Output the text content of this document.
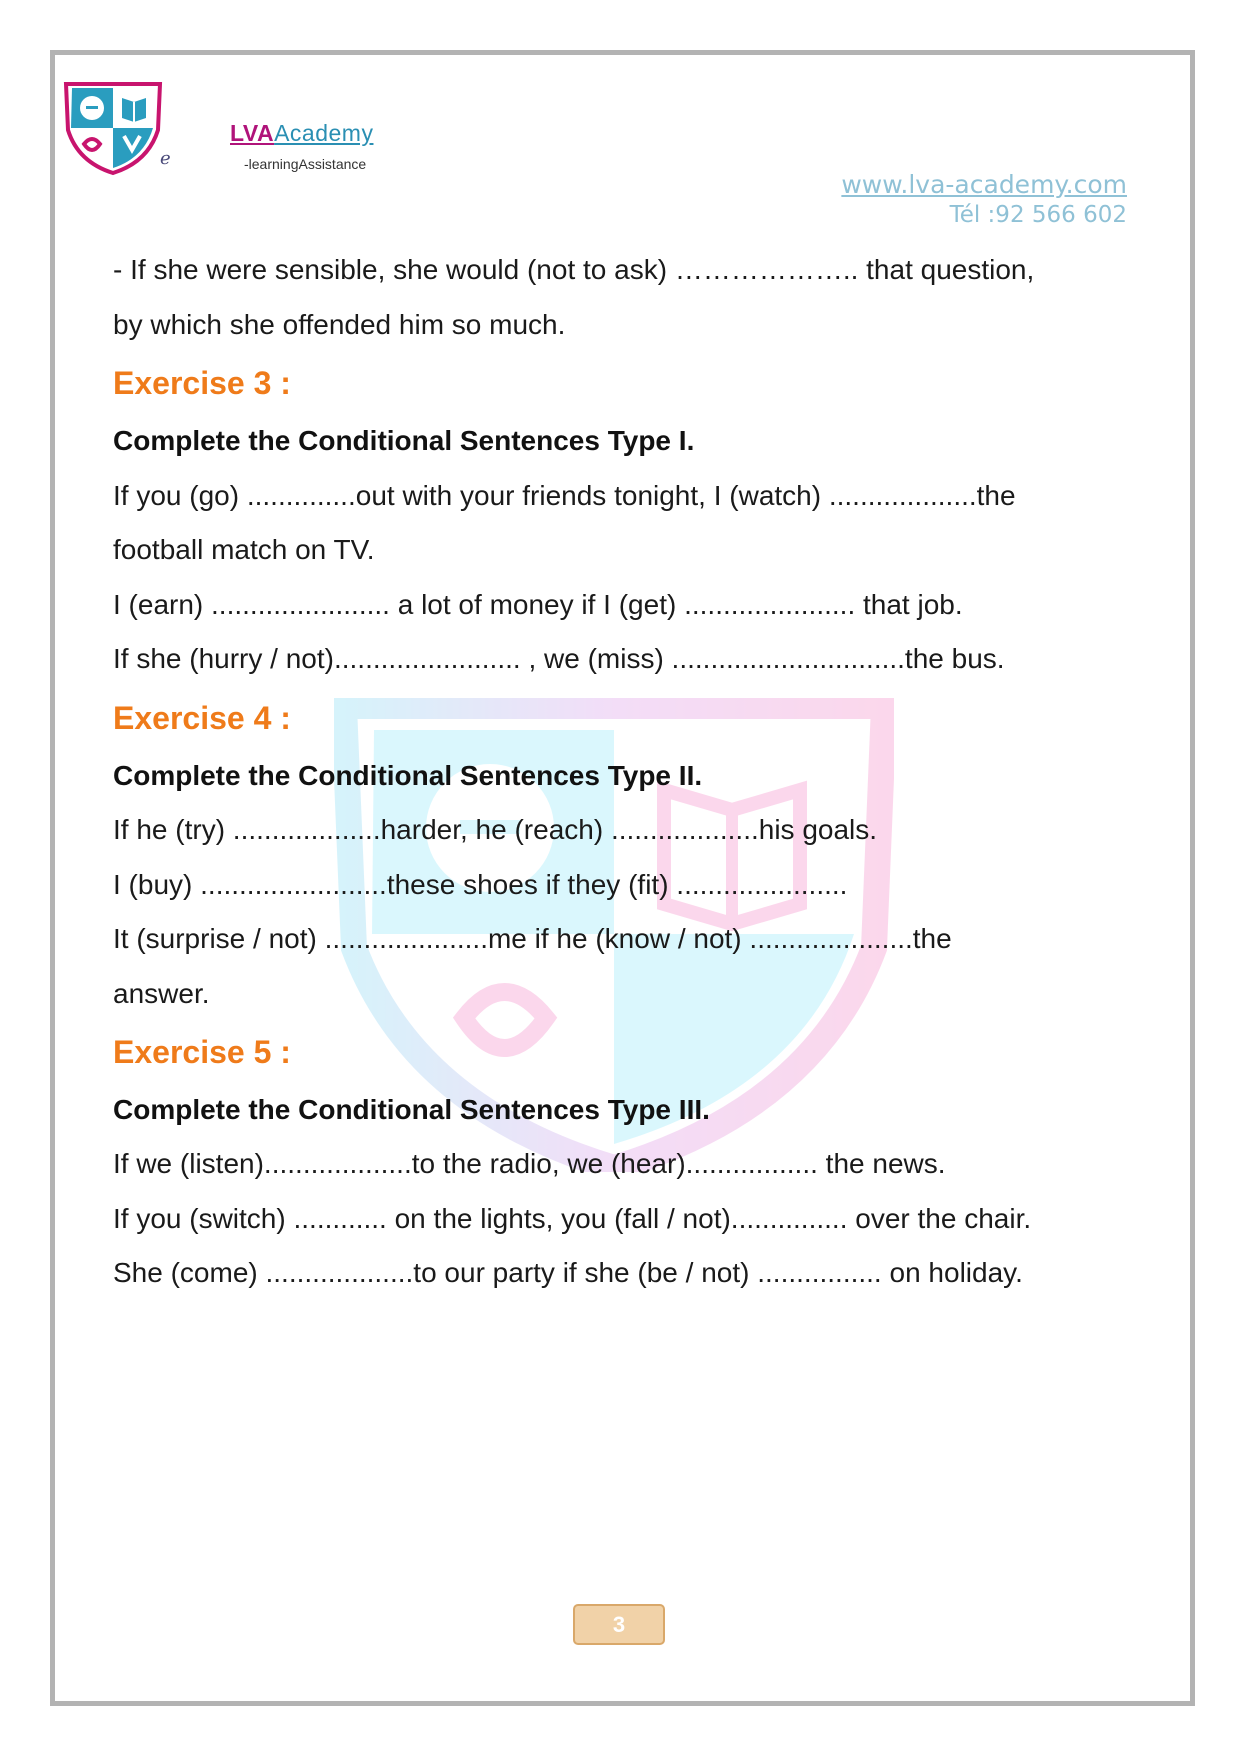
e
LVAAcademy
-learningAssistance
www.lva-academy.com
Tél :92 566 602
- If she were sensible, she would (not to ask) ……………….. that question,
by which she offended him so much.
Exercise 3 :
Complete the Conditional Sentences Type I.
If you (go) ..............out with your friends tonight, I (watch) ...................the
football match on TV.
I (earn) ....................... a lot of money if I (get) ...................... that job.
If she (hurry / not)........................ , we (miss) ..............................the bus.
Exercise 4 :
Complete the Conditional Sentences Type II.
If he (try) ...................harder, he (reach) ...................his goals.
I (buy) ........................these shoes if they (fit) ......................
It (surprise / not) .....................me if he (know / not) .....................the
answer.
Exercise 5 :
Complete the Conditional Sentences Type III.
If we (listen)...................to the radio, we (hear)................. the news.
If you (switch) ............ on the lights, you (fall / not)............... over the chair.
She (come) ...................to our party if she (be / not) ................ on holiday.
3
